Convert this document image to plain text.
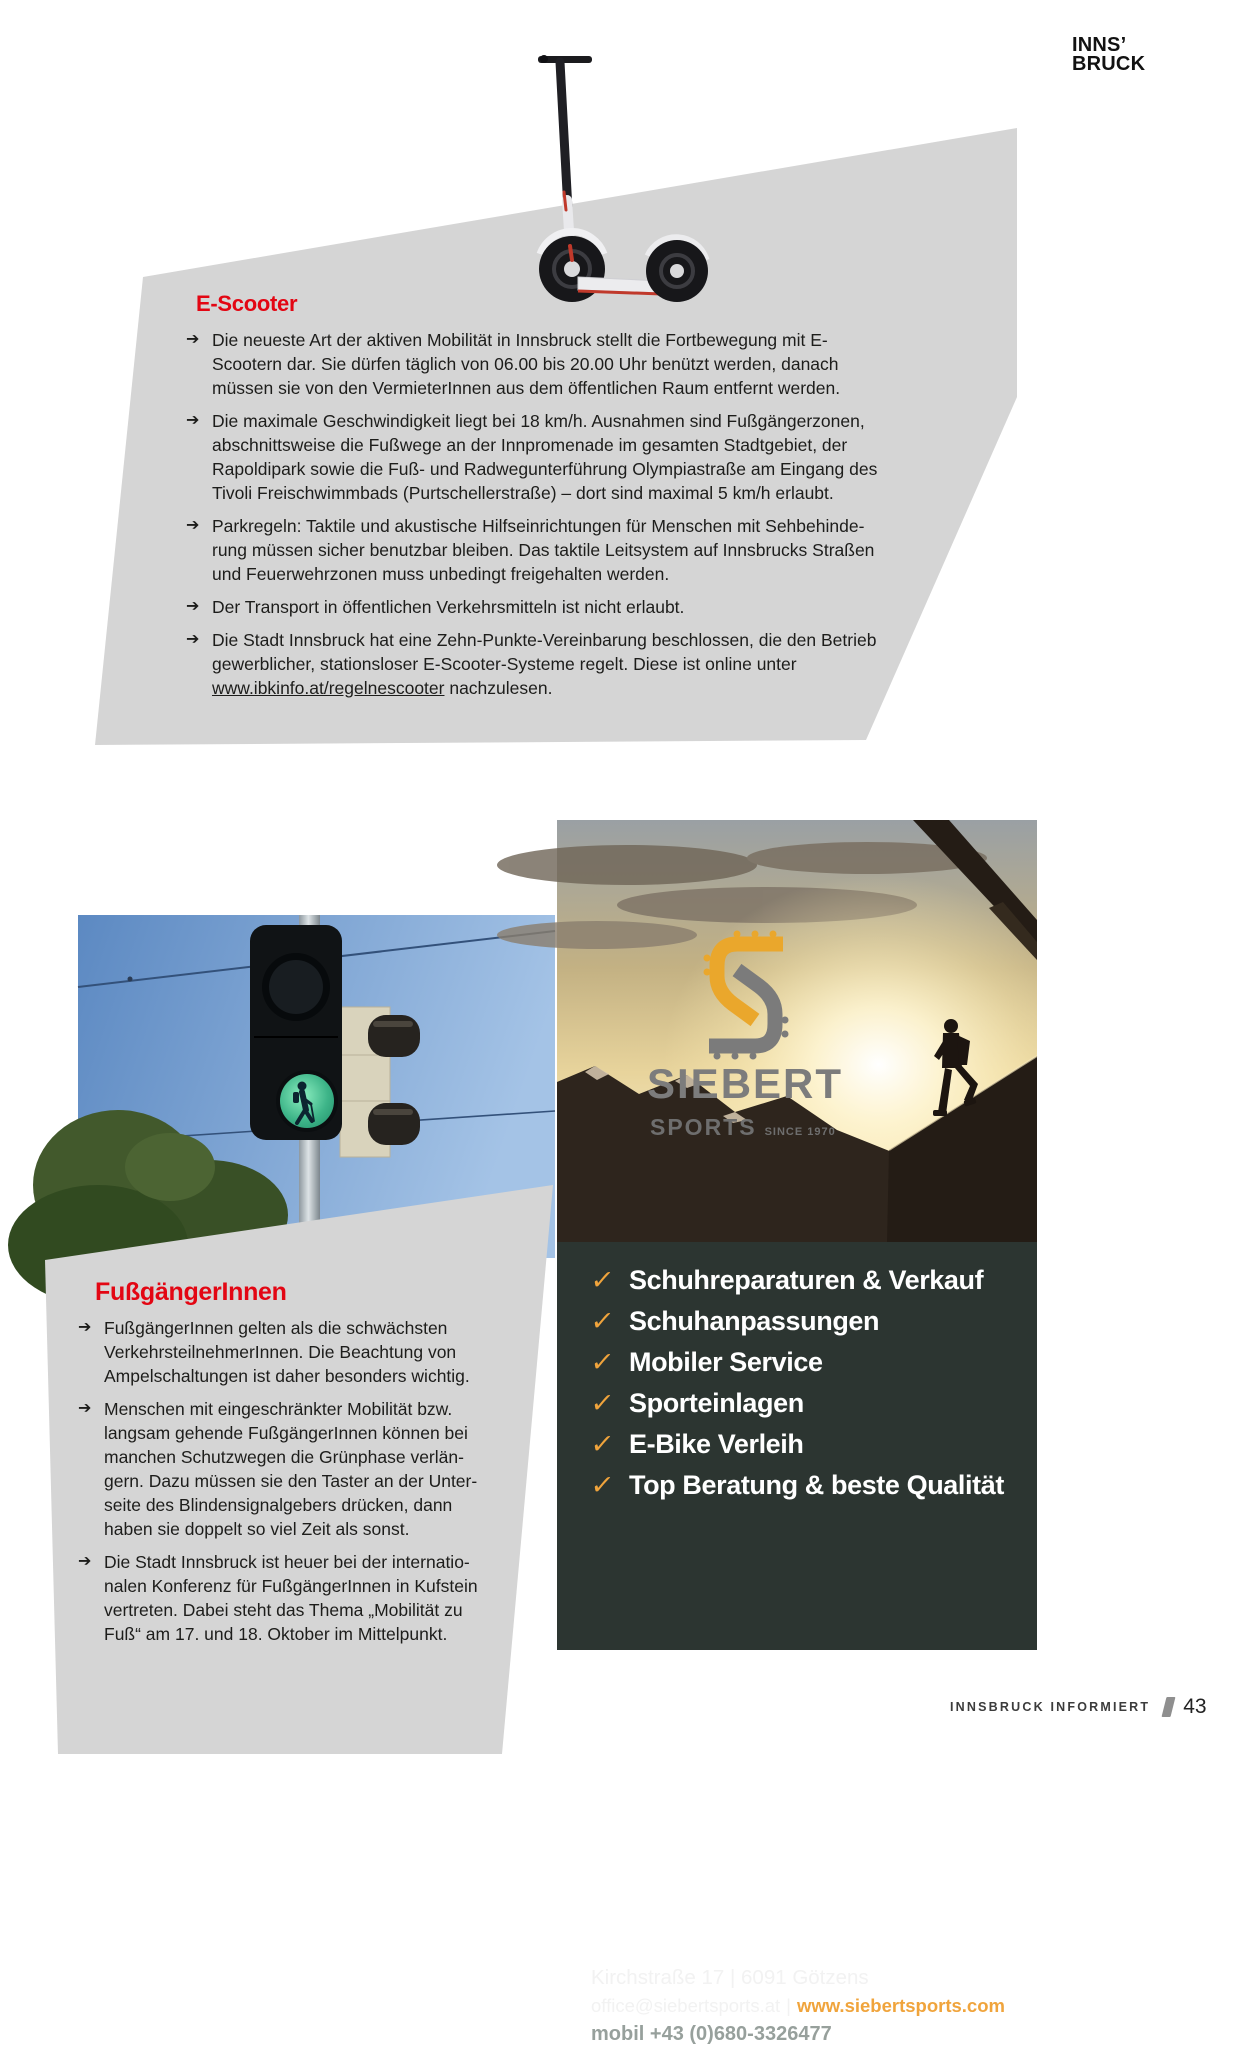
INNS’
BRUCK
E-Scooter
➔ Die neueste Art der aktiven Mobilität in Innsbruck stellt die Fortbewegung mit E-Scootern dar. Sie dürfen täglich von 06.00 bis 20.00 Uhr benützt werden, danach müssen sie von den VermieterInnen aus dem öffentlichen Raum entfernt werden.
➔ Die maximale Geschwindigkeit liegt bei 18 km/h. Ausnahmen sind Fußgängerzonen, abschnittsweise die Fußwege an der Innpromenade im gesamten Stadtgebiet, der Rapoldipark sowie die Fuß- und Radwegunterführung Olympiastraße am Eingang des Tivoli Freischwimmbads (Purtschellerstraße) – dort sind maximal 5 km/h erlaubt.
➔ Parkregeln: Taktile und akustische Hilfseinrichtungen für Menschen mit Sehbehinderung müssen sicher benutzbar bleiben. Das taktile Leitsystem auf Innsbrucks Straßen und Feuerwehrzonen muss unbedingt freigehalten werden.
➔ Der Transport in öffentlichen Verkehrsmitteln ist nicht erlaubt.
➔ Die Stadt Innsbruck hat eine Zehn-Punkte-Vereinbarung beschlossen, die den Betrieb gewerblicher, stationsloser E-Scooter-Systeme regelt. Diese ist online unter www.ibkinfo.at/regelnescooter nachzulesen.
FußgängerInnen
➔ FußgängerInnen gelten als die schwächsten VerkehrsteilnehmerInnen. Die Beachtung von Ampelschaltungen ist daher besonders wichtig.
➔ Menschen mit eingeschränkter Mobilität bzw. langsam gehende FußgängerInnen können bei manchen Schutzwegen die Grünphase verlängern. Dazu müssen sie den Taster an der Unterseite des Blindensignalgebers drücken, dann haben sie doppelt so viel Zeit als sonst.
➔ Die Stadt Innsbruck ist heuer bei der internationalen Konferenz für FußgängerInnen in Kufstein vertreten. Dabei steht das Thema „Mobilität zu Fuß“ am 17. und 18. Oktober im Mittelpunkt.
SIEBERT
SPORTS SINCE 1970
✓ Schuhreparaturen & Verkauf
✓ Schuhanpassungen
✓ Mobiler Service
✓ Sporteinlagen
✓ E-Bike Verleih
✓ Top Beratung & beste Qualität
Kirchstraße 17 | 6091 Götzens
office@siebertsports.at | www.siebertsports.com
mobil +43 (0)680-3326477
INNSBRUCK INFORMIERT 43
